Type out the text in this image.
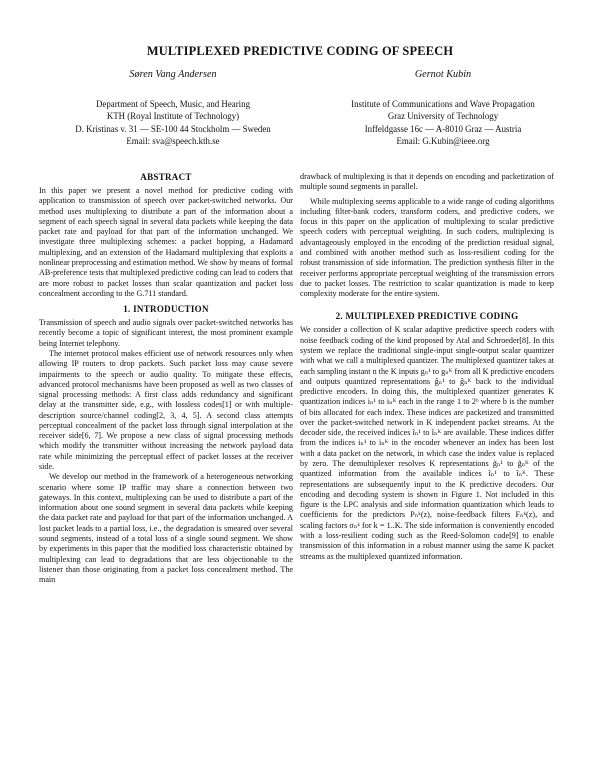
MULTIPLEXED PREDICTIVE CODING OF SPEECH
Søren Vang Andersen
Department of Speech, Music, and Hearing
KTH (Royal Institute of Technology)
D. Kristinas v. 31 — SE-100 44 Stockholm — Sweden
Email: sva@speech.kth.se
Gernot Kubin
Institute of Communications and Wave Propagation
Graz University of Technology
Inffeldgasse 16c — A-8010 Graz — Austria
Email: G.Kubin@ieee.org
ABSTRACT

In this paper we present a novel method for predictive coding with application to transmission of speech over packet-switched networks. Our method uses multiplexing to distribute a part of the information about a segment of each speech signal in several data packets while keeping the data packet rate and payload for that part of the information unchanged. We investigate three multiplexing schemes: a packet hopping, a Hadamard multiplexing, and an extension of the Hadamard multiplexing that exploits a nonlinear preprocessing and estimation method. We show by means of formal AB-preference tests that multiplexed predictive coding can lead to coders that are more robust to packet losses than scalar quantization and packet loss concealment according to the G.711 standard.

1. INTRODUCTION

Transmission of speech and audio signals over packet-switched networks has recently become a topic of significant interest, the most prominent example being Internet telephony.

The internet protocol makes efficient use of network resources only when allowing IP routers to drop packets. Such packet loss may cause severe impairments to the speech or audio quality. To mitigate these effects, advanced protocol mechanisms have been proposed as well as two classes of signal processing methods: A first class adds redundancy and significant delay at the transmitter side, e.g., with lossless codes[1] or with multiple-description source/channel coding[2, 3, 4, 5]. A second class attempts perceptual concealment of the packet loss through signal interpolation at the receiver side[6, 7]. We propose a new class of signal processing methods which modify the transmitter without increasing the network payload data rate while minimizing the perceptual effect of packet losses at the receiver side.

We develop our method in the framework of a heterogeneous networking scenario where some IP traffic may share a connection between two gateways. In this context, multiplexing can be used to distribute a part of the information about one sound segment in several data packets while keeping the data packet rate and payload for that part of the information unchanged. A lost packet leads to a partial loss, i.e., the degradation is smeared over several sound segments, instead of a total loss of a single sound segment. We show by experiments in this paper that the modified loss characteristic obtained by multiplexing can lead to degradations that are less objectionable to the listener than those originating from a packet loss concealment method. The main

drawback of multiplexing is that it depends on encoding and packetization of multiple sound segments in parallel.

While multiplexing seems applicable to a wide range of coding algorithms including filter-bank coders, transform coders, and predictive coders, we focus in this paper on the application of multiplexing to scalar predictive speech coders with perceptual weighting. In such coders, multiplexing is advantageously employed in the encoding of the prediction residual signal, and combined with another method such as loss-resilient coding for the robust transmission of side information. The prediction synthesis filter in the receiver performs appropriate perceptual weighting of the transmission errors due to packet losses. The restriction to scalar quantization is made to keep complexity moderate for the entire system.

2. MULTIPLEXED PREDICTIVE CODING

We consider a collection of K scalar adaptive predictive speech coders with noise feedback coding of the kind proposed by Atal and Schroeder[8]. In this system we replace the traditional single-input single-output scalar quantizer with what we call a multiplexed quantizer. The multiplexed quantizer takes at each sampling instant n the K inputs gₙ¹ to gₙᴷ from all K predictive encoders and outputs quantized representations ĝₙ¹ to ĝₙᴷ back to the individual predictive encoders. In doing this, the multiplexed quantizer generates K quantization indices iₙ¹ to iₙᴷ each in the range 1 to 2ᵇ where b is the number of bits allocated for each index. These indices are packetized and transmitted over the packet-switched network in K independent packet streams. At the decoder side, the received indices ĩₙ¹ to ĩₙᴷ are available. These indices differ from the indices iₙ¹ to iₙᴷ in the encoder whenever an index has been lost with a data packet on the network, in which case the index value is replaced by zero. The demultiplexer resolves K representations g̃ₙ¹ to g̃ₙᴷ of the quantized information from the available indices ĩₙ¹ to ĩₙᴷ. These representations are subsequently input to the K predictive decoders. Our encoding and decoding system is shown in Figure 1. Not included in this figure is the LPC analysis and side information quantization which leads to coefficients for the predictors Pₙᵏ(z), noise-feedback filters Fₙᵏ(z), and scaling factors σₙᵏ for k = 1..K. The side information is conveniently encoded with a loss-resilient coding such as the Reed-Solomon code[9] to enable transmission of this information in a robust manner using the same K packet streams as the multiplexed quantized information.
